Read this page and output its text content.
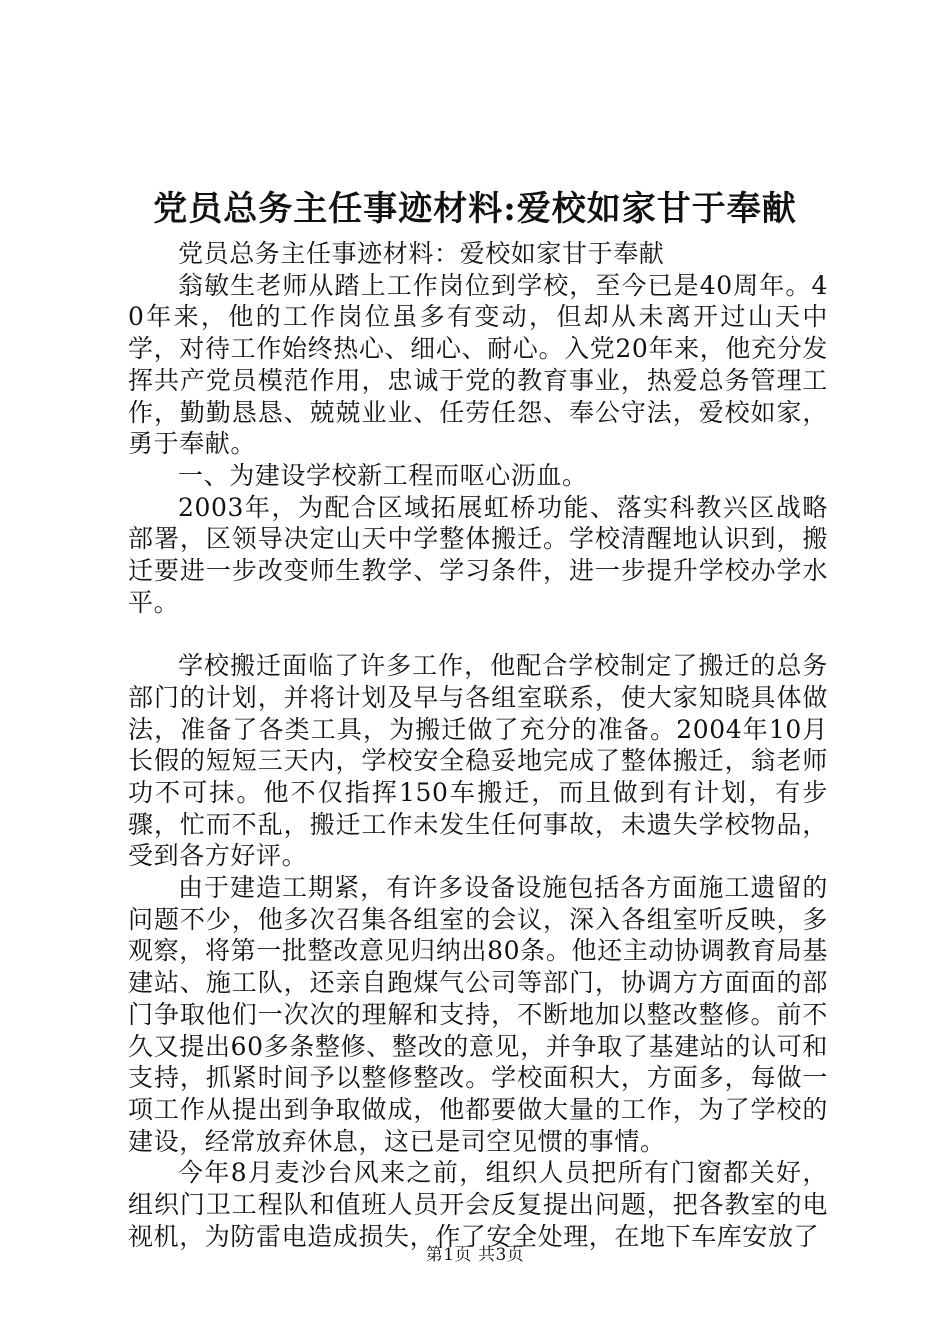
党员总务主任事迹材料:爱校如家甘于奉献

党员总务主任事迹材料：爱校如家甘于奉献

翁敏生老师从踏上工作岗位到学校，至今已是40周年。40年来，他的工作岗位虽多有变动，但却从未离开过山天中学，对待工作始终热心、细心、耐心。入党20年来，他充分发挥共产党员模范作用，忠诚于党的教育事业，热爱总务管理工作，勤勤恳恳、兢兢业业、任劳任怨、奉公守法，爱校如家，勇于奉献。

一、为建设学校新工程而呕心沥血。

2003年，为配合区域拓展虹桥功能、落实科教兴区战略部署，区领导决定山天中学整体搬迁。学校清醒地认识到，搬迁要进一步改变师生教学、学习条件，进一步提升学校办学水平。

学校搬迁面临了许多工作，他配合学校制定了搬迁的总务部门的计划，并将计划及早与各组室联系，使大家知晓具体做法，准备了各类工具，为搬迁做了充分的准备。2004年10月长假的短短三天内，学校安全稳妥地完成了整体搬迁，翁老师功不可抹。他不仅指挥150车搬迁，而且做到有计划，有步骤，忙而不乱，搬迁工作未发生任何事故，未遗失学校物品，受到各方好评。

由于建造工期紧，有许多设备设施包括各方面施工遗留的问题不少，他多次召集各组室的会议，深入各组室听反映，多观察，将第一批整改意见归纳出80条。他还主动协调教育局基建站、施工队，还亲自跑煤气公司等部门，协调方方面面的部门争取他们一次次的理解和支持，不断地加以整改整修。前不久又提出60多条整修、整改的意见，并争取了基建站的认可和支持，抓紧时间予以整修整改。学校面积大，方面多，每做一项工作从提出到争取做成，他都要做大量的工作，为了学校的建设，经常放弃休息，这已是司空见惯的事情。

今年8月麦沙台风来之前，组织人员把所有门窗都关好，组织门卫工程队和值班人员开会反复提出问题，把各教室的电视机，为防雷电造成损失，作了安全处理，在地下车库安放了

第1页 共3页
